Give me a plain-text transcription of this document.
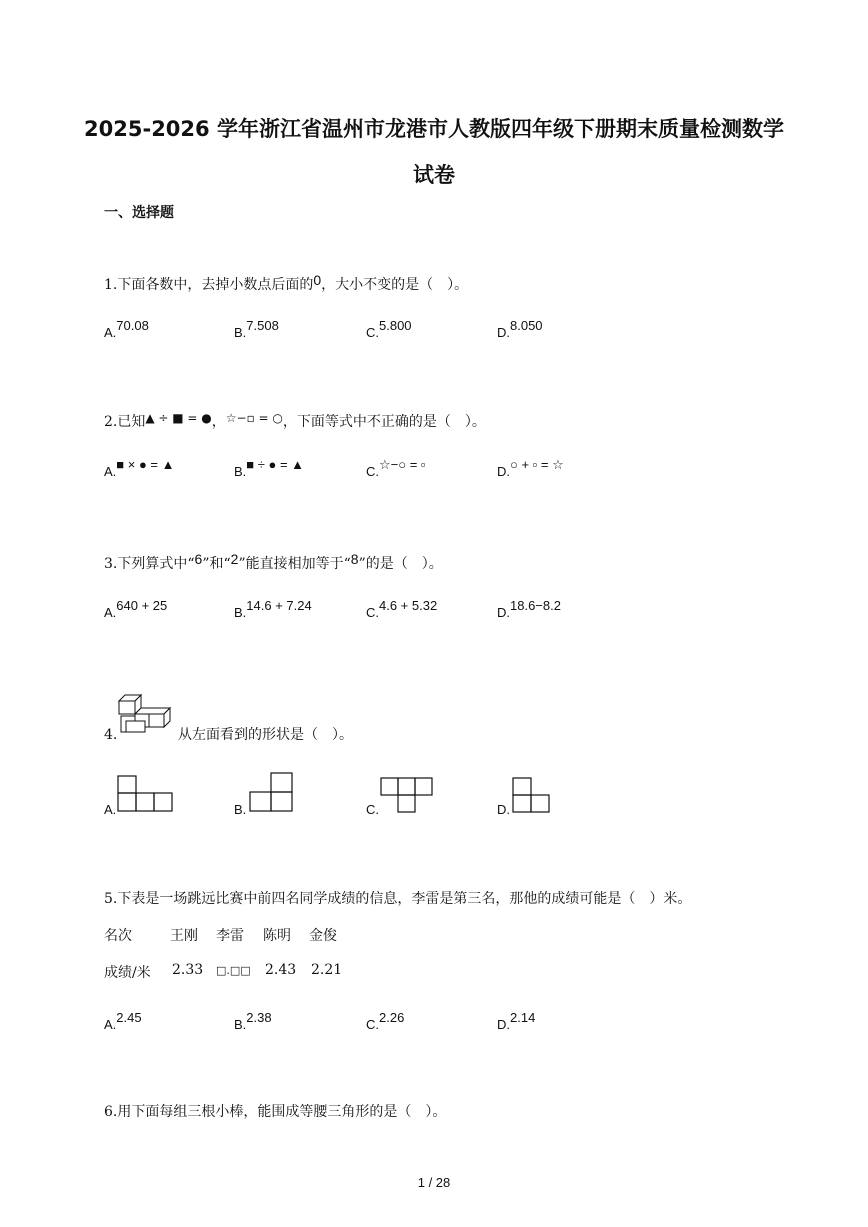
2025-2026 学年浙江省温州市龙港市人教版四年级下册期末质量检测数学
试卷
一、选择题
1.下面各数中，去掉小数点后面的0，大小不变的是（　）。
A.$^{70.08}$	B.$^{7.508}$	C.$^{5.800}$	D.$^{8.050}$
2.已知▲ ÷ ■ = ●，☆−▫ = ○，下面等式中不正确的是（　）。
A.■ × ● = ▲	B.■ ÷ ● = ▲	C.☆−○ = ▫	D.○ + ▫ = ☆
3.下列算式中“6”和“2”能直接相加等于“8”的是（　）。
A.$^{640 + 25}$	B.$^{14.6 + 7.24}$	C.$^{4.6 + 5.32}$	D.$^{18.6-8.2}$
4.	从左面看到的形状是（　）。
A.	B.	C.	D.
5.下表是一场跳远比赛中前四名同学成绩的信息，李雷是第三名，那他的成绩可能是（　）米。
名次	王刚 李雷 陈明 金俊
成绩/米 2.33 □.□□ 2.43 2.21
A.$^{2.45}$	B.$^{2.38}$	C.$^{2.26}$	D.$^{2.14}$
6.用下面每组三根小棒，能围成等腰三角形的是（　）。
1 / 28
